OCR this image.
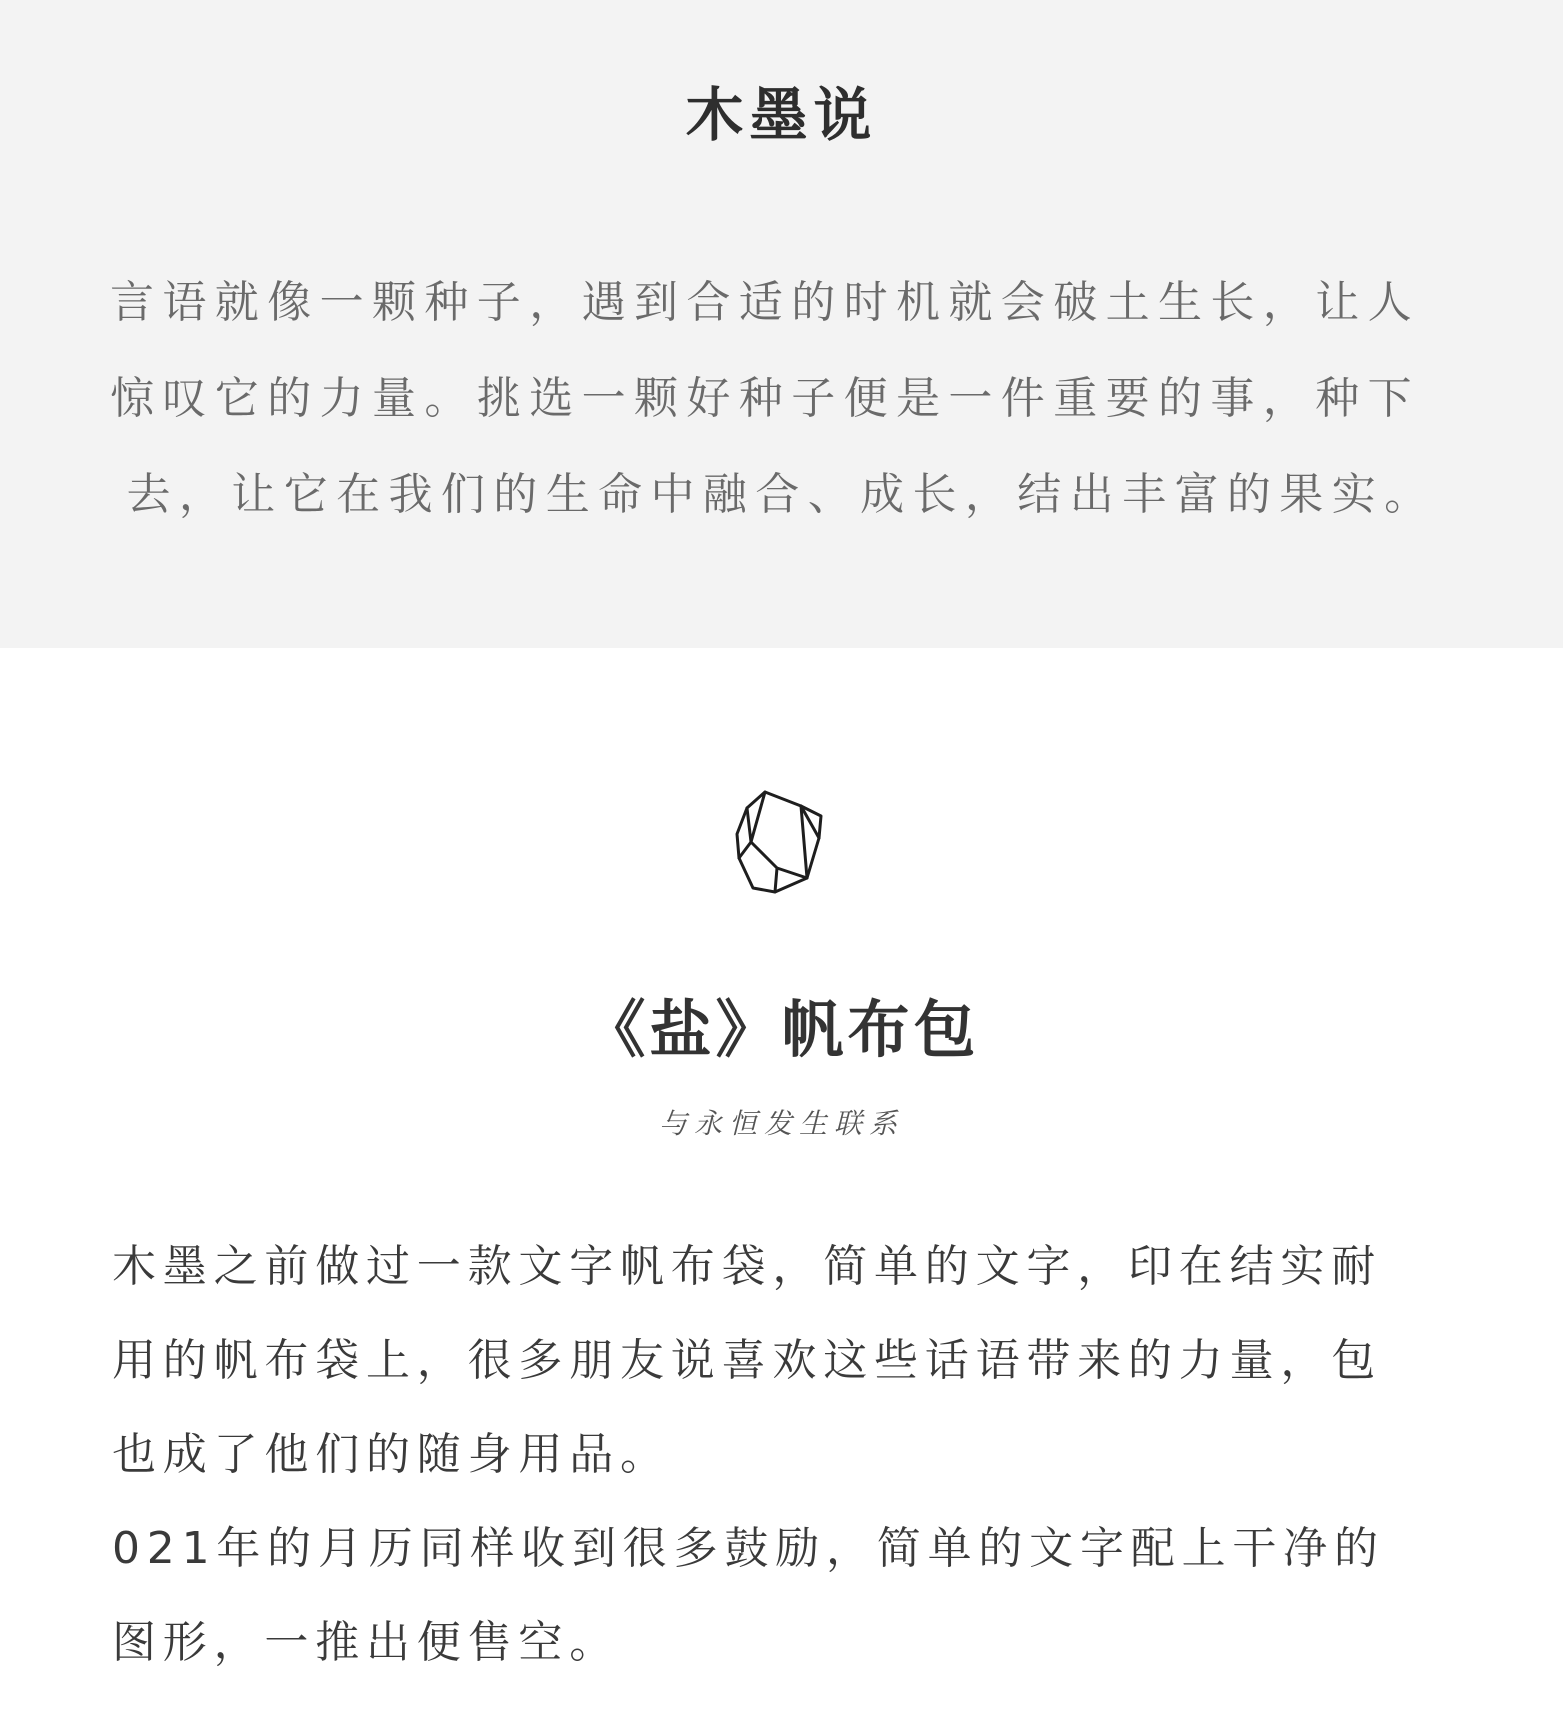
木墨说
言语就像一颗种子，遇到合适的时机就会破土生长，让人
惊叹它的力量。挑选一颗好种子便是一件重要的事，种下
去，让它在我们的生命中融合、成长，结出丰富的果实。
《盐》帆布包
与永恒发生联系
木墨之前做过一款文字帆布袋，简单的文字，印在结实耐
用的帆布袋上，很多朋友说喜欢这些话语带来的力量，包
也成了他们的随身用品。
021年的月历同样收到很多鼓励，简单的文字配上干净的
图形，一推出便售空。
